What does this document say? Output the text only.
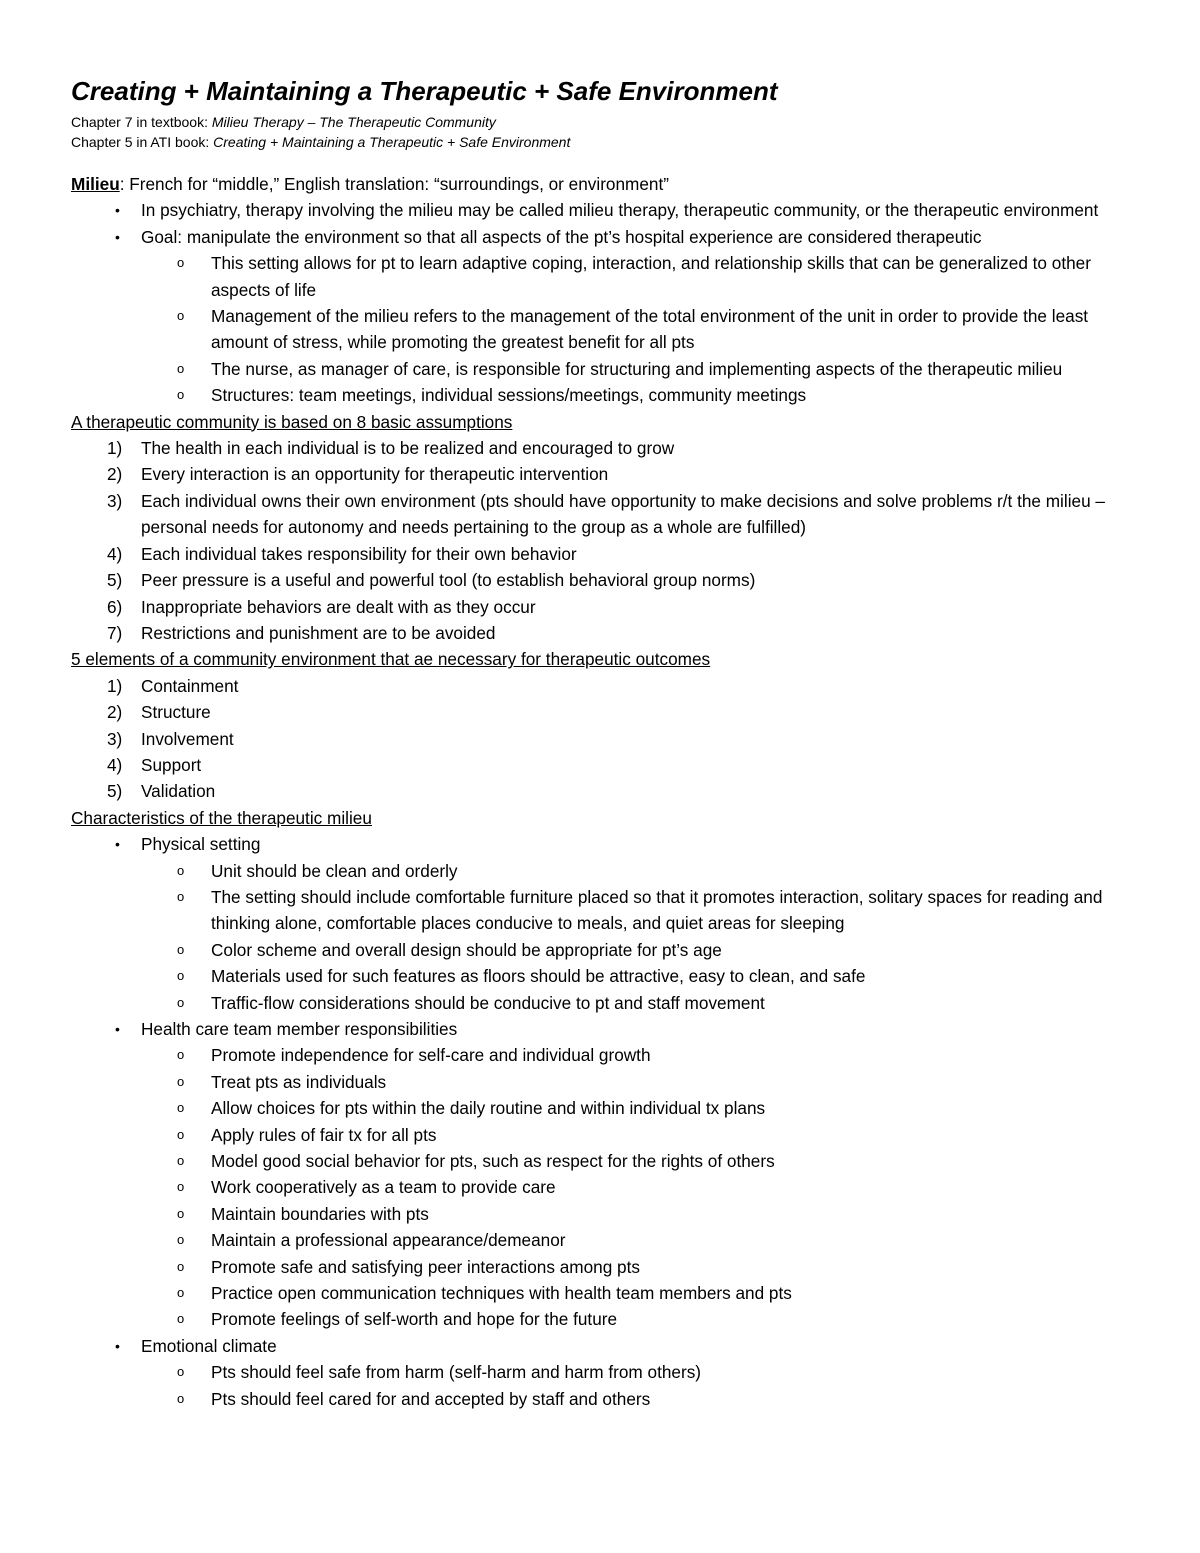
Creating + Maintaining a Therapeutic + Safe Environment

Chapter 7 in textbook: Milieu Therapy – The Therapeutic Community

Chapter 5 in ATI book: Creating + Maintaining a Therapeutic + Safe Environment

Milieu: French for “middle,” English translation: “surroundings, or environment”
• In psychiatry, therapy involving the milieu may be called milieu therapy, therapeutic community, or the therapeutic environment
• Goal: manipulate the environment so that all aspects of the pt’s hospital experience are considered therapeutic
o This setting allows for pt to learn adaptive coping, interaction, and relationship skills that can be generalized to other aspects of life
o Management of the milieu refers to the management of the total environment of the unit in order to provide the least amount of stress, while promoting the greatest benefit for all pts
o The nurse, as manager of care, is responsible for structuring and implementing aspects of the therapeutic milieu
o Structures: team meetings, individual sessions/meetings, community meetings
A therapeutic community is based on 8 basic assumptions
1) The health in each individual is to be realized and encouraged to grow
2) Every interaction is an opportunity for therapeutic intervention
3) Each individual owns their own environment (pts should have opportunity to make decisions and solve problems r/t the milieu – personal needs for autonomy and needs pertaining to the group as a whole are fulfilled)
4) Each individual takes responsibility for their own behavior
5) Peer pressure is a useful and powerful tool (to establish behavioral group norms)
6) Inappropriate behaviors are dealt with as they occur
7) Restrictions and punishment are to be avoided
5 elements of a community environment that ae necessary for therapeutic outcomes
1) Containment
2) Structure
3) Involvement
4) Support
5) Validation
Characteristics of the therapeutic milieu
• Physical setting
o Unit should be clean and orderly
o The setting should include comfortable furniture placed so that it promotes interaction, solitary spaces for reading and thinking alone, comfortable places conducive to meals, and quiet areas for sleeping
o Color scheme and overall design should be appropriate for pt’s age
o Materials used for such features as floors should be attractive, easy to clean, and safe
o Traffic-flow considerations should be conducive to pt and staff movement
• Health care team member responsibilities
o Promote independence for self-care and individual growth
o Treat pts as individuals
o Allow choices for pts within the daily routine and within individual tx plans
o Apply rules of fair tx for all pts
o Model good social behavior for pts, such as respect for the rights of others
o Work cooperatively as a team to provide care
o Maintain boundaries with pts
o Maintain a professional appearance/demeanor
o Promote safe and satisfying peer interactions among pts
o Practice open communication techniques with health team members and pts
o Promote feelings of self-worth and hope for the future
• Emotional climate
o Pts should feel safe from harm (self-harm and harm from others)
o Pts should feel cared for and accepted by staff and others
